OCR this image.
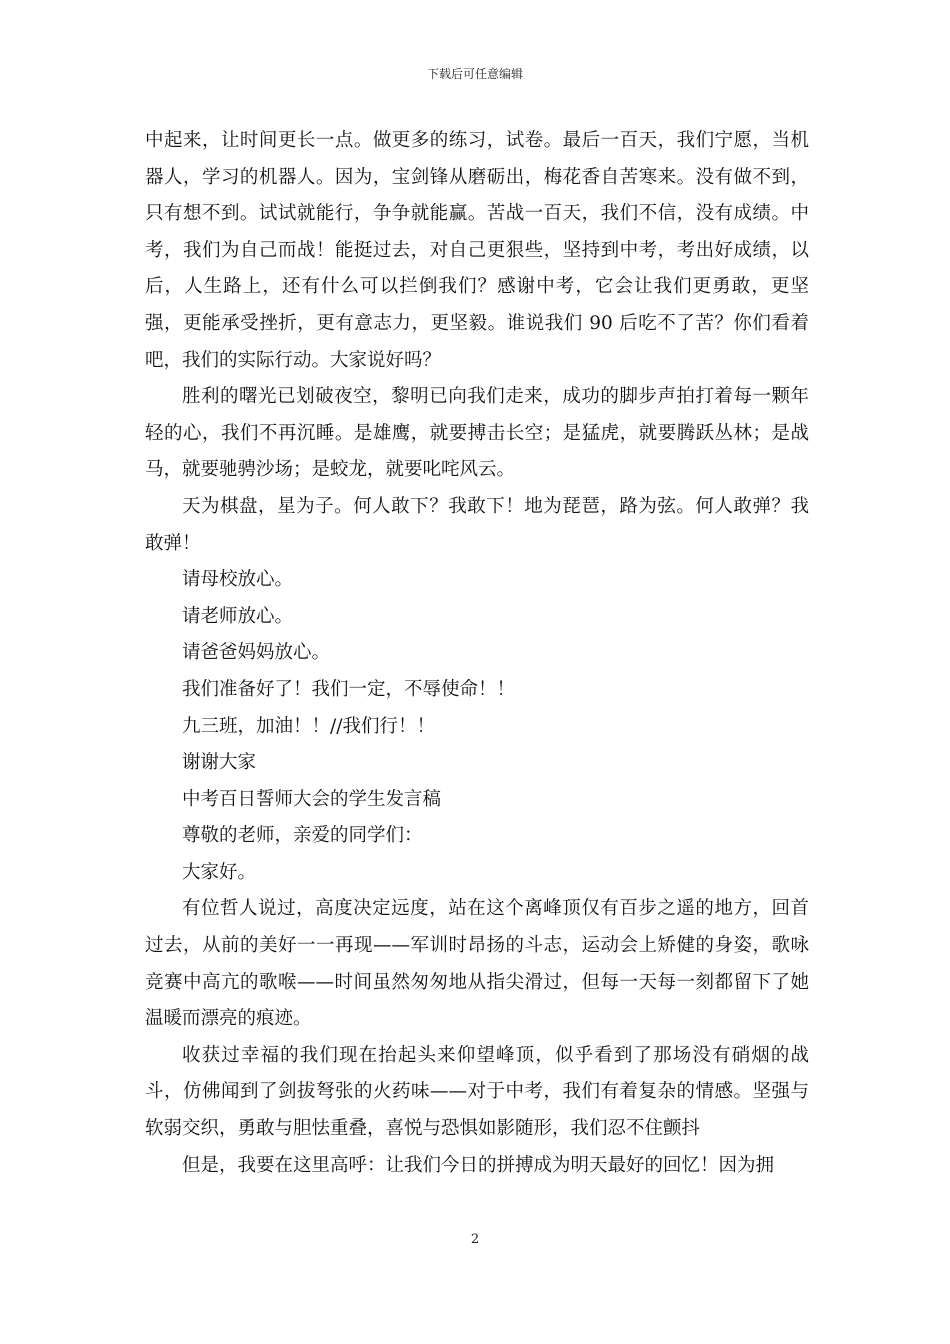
下载后可任意编辑

中起来，让时间更长一点。做更多的练习，试卷。最后一百天，我们宁愿，当机器人，学习的机器人。因为，宝剑锋从磨砺出，梅花香自苦寒来。没有做不到，只有想不到。试试就能行，争争就能赢。苦战一百天，我们不信，没有成绩。中考，我们为自己而战！能挺过去，对自己更狠些，坚持到中考，考出好成绩，以后，人生路上，还有什么可以拦倒我们？感谢中考，它会让我们更勇敢，更坚强，更能承受挫折，更有意志力，更坚毅。谁说我们 90 后吃不了苦？你们看着吧，我们的实际行动。大家说好吗？

胜利的曙光已划破夜空，黎明已向我们走来，成功的脚步声拍打着每一颗年轻的心，我们不再沉睡。是雄鹰，就要搏击长空；是猛虎，就要腾跃丛林；是战马，就要驰骋沙场；是蛟龙，就要叱咤风云。

天为棋盘，星为子。何人敢下？我敢下！地为琵琶，路为弦。何人敢弹？我敢弹！

请母校放心。

请老师放心。

请爸爸妈妈放心。

我们准备好了！我们一定，不辱使命！！

九三班，加油！！//我们行！！

谢谢大家

中考百日誓师大会的学生发言稿

尊敬的老师，亲爱的同学们：

大家好。

有位哲人说过，高度决定远度，站在这个离峰顶仅有百步之遥的地方，回首过去，从前的美好一一再现——军训时昂扬的斗志，运动会上矫健的身姿，歌咏竞赛中高亢的歌喉——时间虽然匆匆地从指尖滑过，但每一天每一刻都留下了她温暖而漂亮的痕迹。

收获过幸福的我们现在抬起头来仰望峰顶，似乎看到了那场没有硝烟的战斗，仿佛闻到了剑拔弩张的火药味——对于中考，我们有着复杂的情感。坚强与软弱交织，勇敢与胆怯重叠，喜悦与恐惧如影随形，我们忍不住颤抖

但是，我要在这里高呼：让我们今日的拼搏成为明天最好的回忆！因为拥

2
